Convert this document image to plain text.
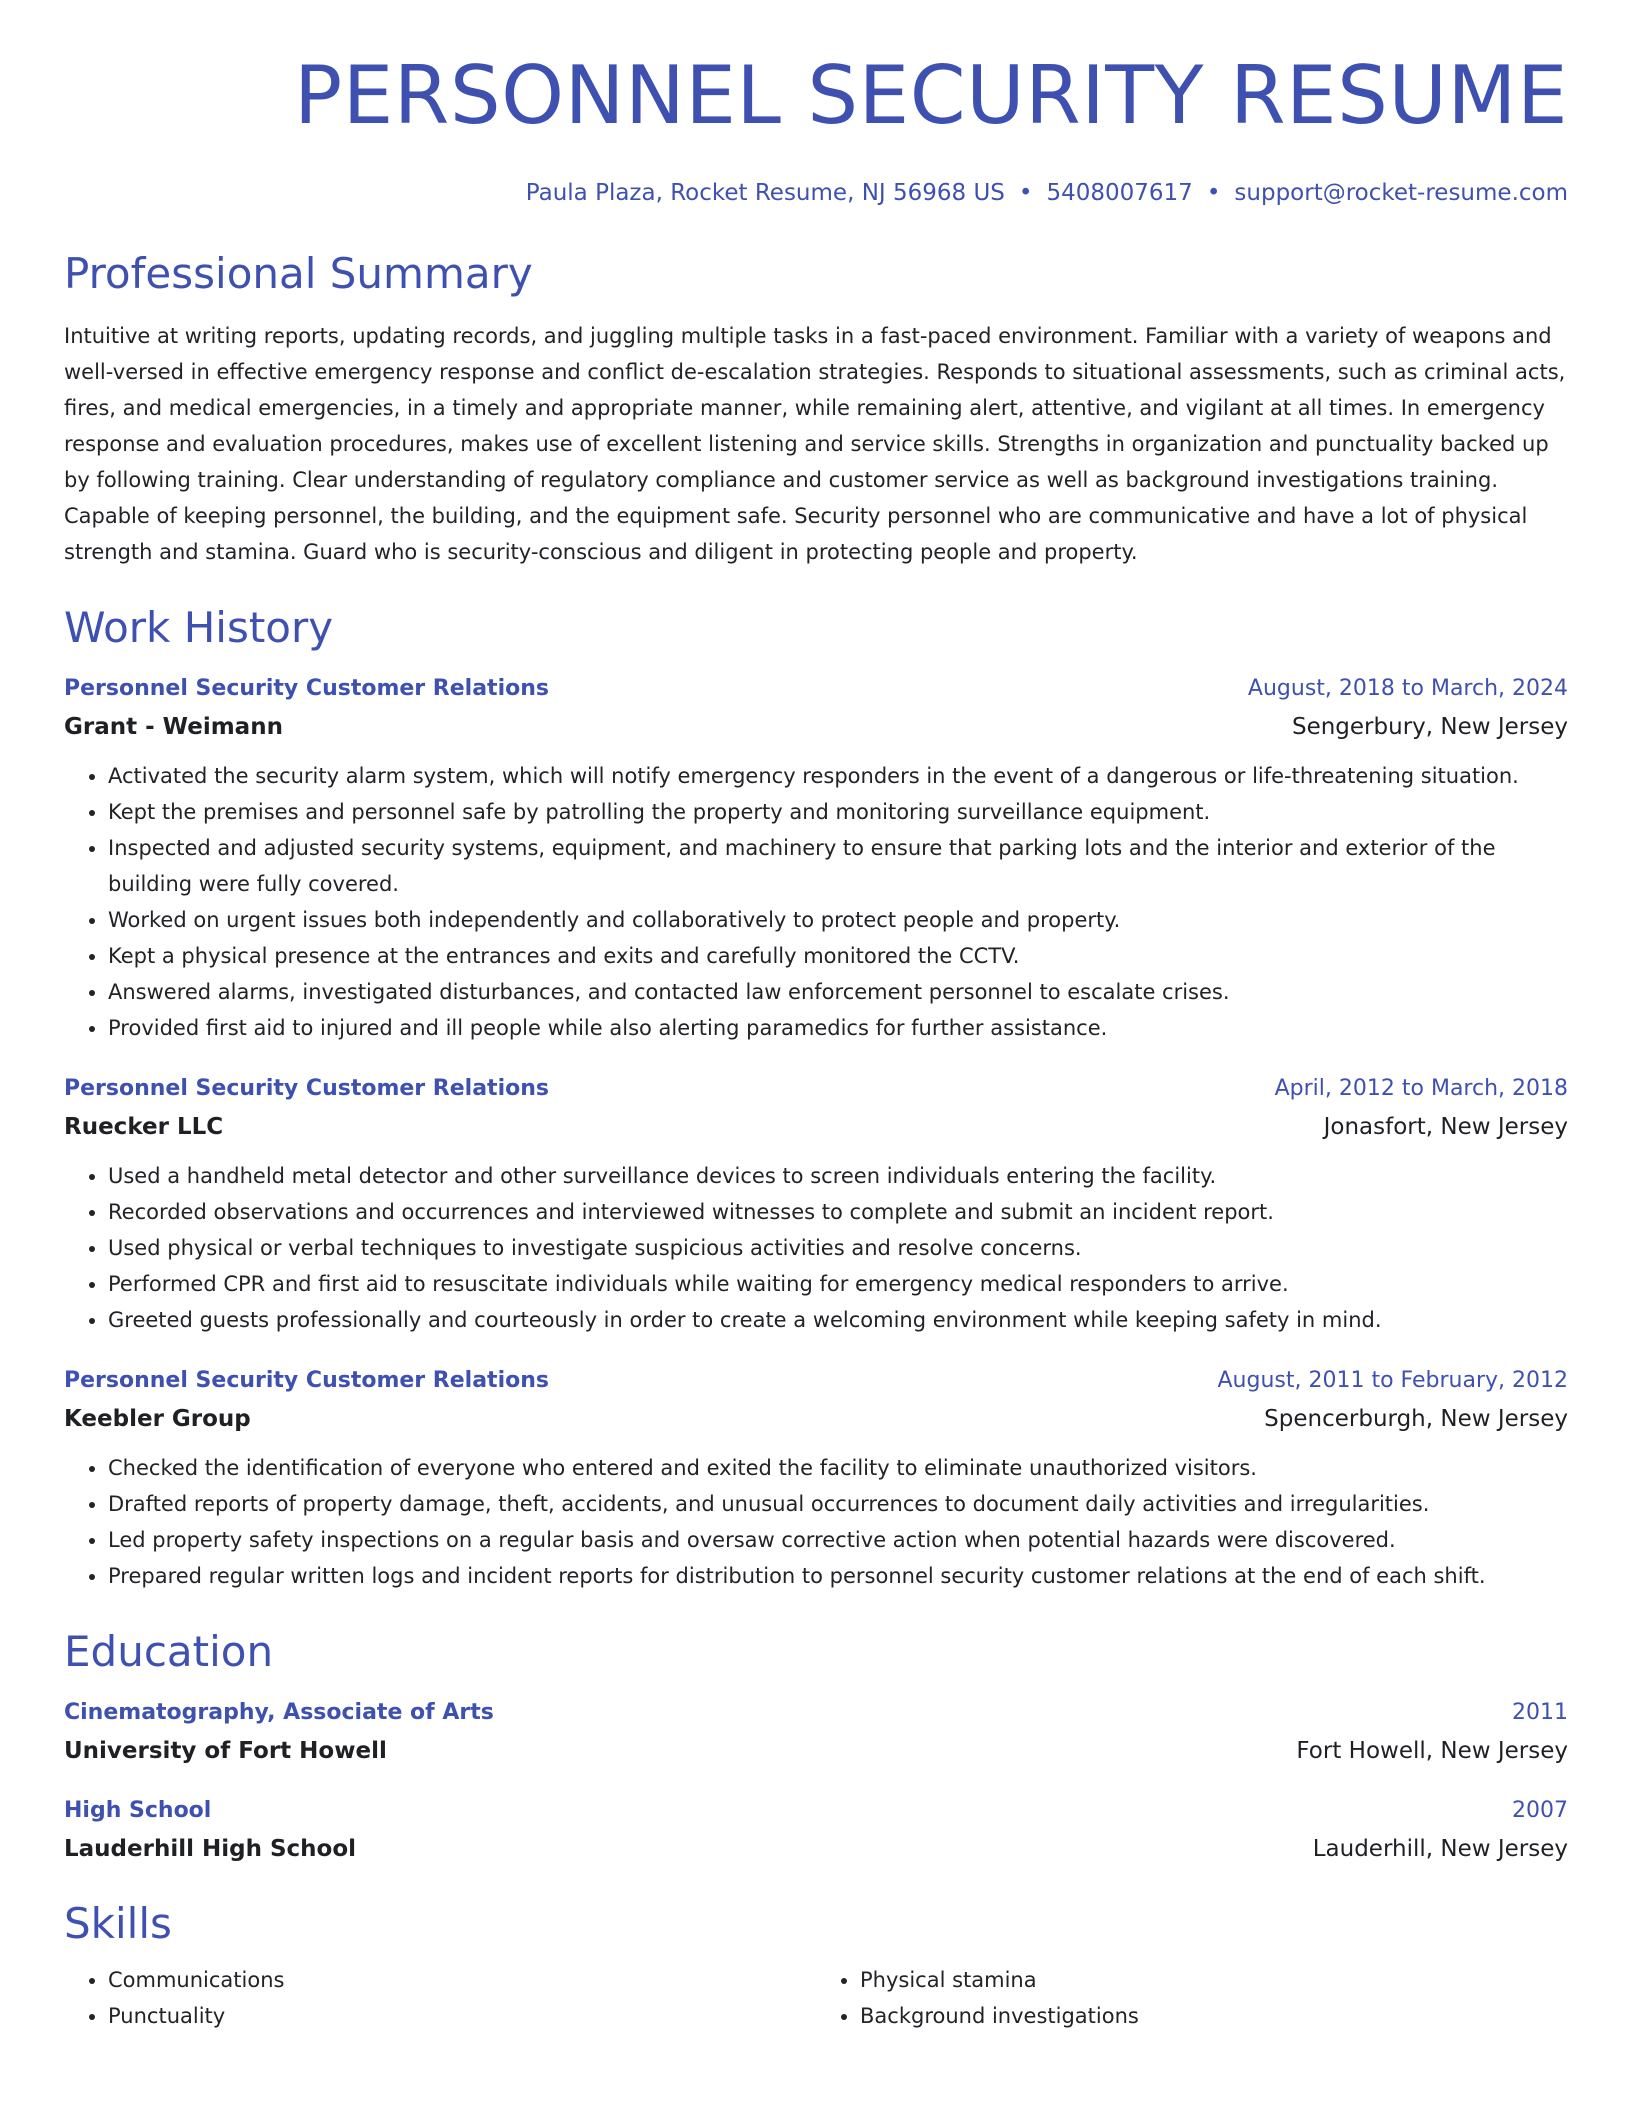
PERSONNEL SECURITY RESUME
Paula Plaza, Rocket Resume, NJ 56968 US • 5408007617 • support@rocket-resume.com
Professional Summary

Intuitive at writing reports, updating records, and juggling multiple tasks in a fast-paced environment. Familiar with a variety of weapons and well-versed in effective emergency response and conflict de-escalation strategies. Responds to situational assessments, such as criminal acts, fires, and medical emergencies, in a timely and appropriate manner, while remaining alert, attentive, and vigilant at all times. In emergency response and evaluation procedures, makes use of excellent listening and service skills. Strengths in organization and punctuality backed up by following training. Clear understanding of regulatory compliance and customer service as well as background investigations training. Capable of keeping personnel, the building, and the equipment safe. Security personnel who are communicative and have a lot of physical strength and stamina. Guard who is security-conscious and diligent in protecting people and property.

Work History
Personnel Security Customer Relations	August, 2018 to March, 2024
Grant - Weimann	Sengerbury, New Jersey
• Activated the security alarm system, which will notify emergency responders in the event of a dangerous or life-threatening situation.
• Kept the premises and personnel safe by patrolling the property and monitoring surveillance equipment.
• Inspected and adjusted security systems, equipment, and machinery to ensure that parking lots and the interior and exterior of the building were fully covered.
• Worked on urgent issues both independently and collaboratively to protect people and property.
• Kept a physical presence at the entrances and exits and carefully monitored the CCTV.
• Answered alarms, investigated disturbances, and contacted law enforcement personnel to escalate crises.
• Provided first aid to injured and ill people while also alerting paramedics for further assistance.
Personnel Security Customer Relations	April, 2012 to March, 2018
Ruecker LLC	Jonasfort, New Jersey
• Used a handheld metal detector and other surveillance devices to screen individuals entering the facility.
• Recorded observations and occurrences and interviewed witnesses to complete and submit an incident report.
• Used physical or verbal techniques to investigate suspicious activities and resolve concerns.
• Performed CPR and first aid to resuscitate individuals while waiting for emergency medical responders to arrive.
• Greeted guests professionally and courteously in order to create a welcoming environment while keeping safety in mind.
Personnel Security Customer Relations	August, 2011 to February, 2012
Keebler Group	Spencerburgh, New Jersey
• Checked the identification of everyone who entered and exited the facility to eliminate unauthorized visitors.
• Drafted reports of property damage, theft, accidents, and unusual occurrences to document daily activities and irregularities.
• Led property safety inspections on a regular basis and oversaw corrective action when potential hazards were discovered.
• Prepared regular written logs and incident reports for distribution to personnel security customer relations at the end of each shift.
Education
Cinematography, Associate of Arts	2011
University of Fort Howell	Fort Howell, New Jersey
High School	2007
Lauderhill High School	Lauderhill, New Jersey
Skills
• Communications
• Punctuality
• Physical stamina
• Background investigations
